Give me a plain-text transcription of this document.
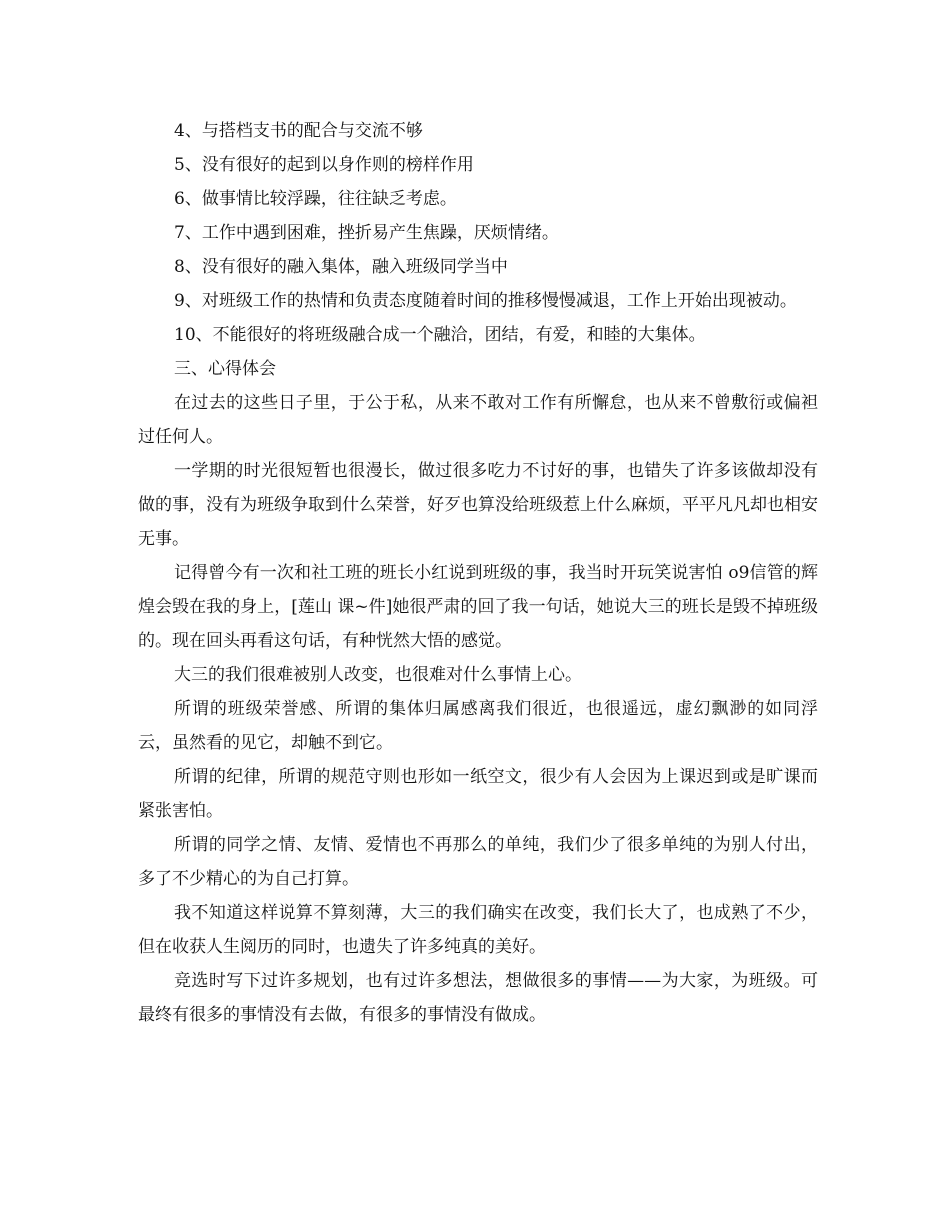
4、与搭档支书的配合与交流不够

5、没有很好的起到以身作则的榜样作用

6、做事情比较浮躁，往往缺乏考虑。

7、工作中遇到困难，挫折易产生焦躁，厌烦情绪。

8、没有很好的融入集体，融入班级同学当中

9、对班级工作的热情和负责态度随着时间的推移慢慢减退，工作上开始出现被动。

10、不能很好的将班级融合成一个融洽，团结，有爱，和睦的大集体。

三、心得体会

在过去的这些日子里，于公于私，从来不敢对工作有所懈怠，也从来不曾敷衍或偏袒过任何人。

一学期的时光很短暂也很漫长，做过很多吃力不讨好的事，也错失了许多该做却没有做的事，没有为班级争取到什么荣誉，好歹也算没给班级惹上什么麻烦，平平凡凡却也相安无事。

记得曾今有一次和社工班的班长小红说到班级的事，我当时开玩笑说害怕 o9信管的辉煌会毁在我的身上，[莲山 课~件]她很严肃的回了我一句话，她说大三的班长是毁不掉班级的。现在回头再看这句话，有种恍然大悟的感觉。

大三的我们很难被别人改变，也很难对什么事情上心。

所谓的班级荣誉感、所谓的集体归属感离我们很近，也很遥远，虚幻飘渺的如同浮云，虽然看的见它，却触不到它。

所谓的纪律，所谓的规范守则也形如一纸空文，很少有人会因为上课迟到或是旷课而紧张害怕。

所谓的同学之情、友情、爱情也不再那么的单纯，我们少了很多单纯的为别人付出，多了不少精心的为自己打算。

我不知道这样说算不算刻薄，大三的我们确实在改变，我们长大了，也成熟了不少，但在收获人生阅历的同时，也遗失了许多纯真的美好。

竞选时写下过许多规划，也有过许多想法，想做很多的事情——为大家，为班级。可最终有很多的事情没有去做，有很多的事情没有做成。
